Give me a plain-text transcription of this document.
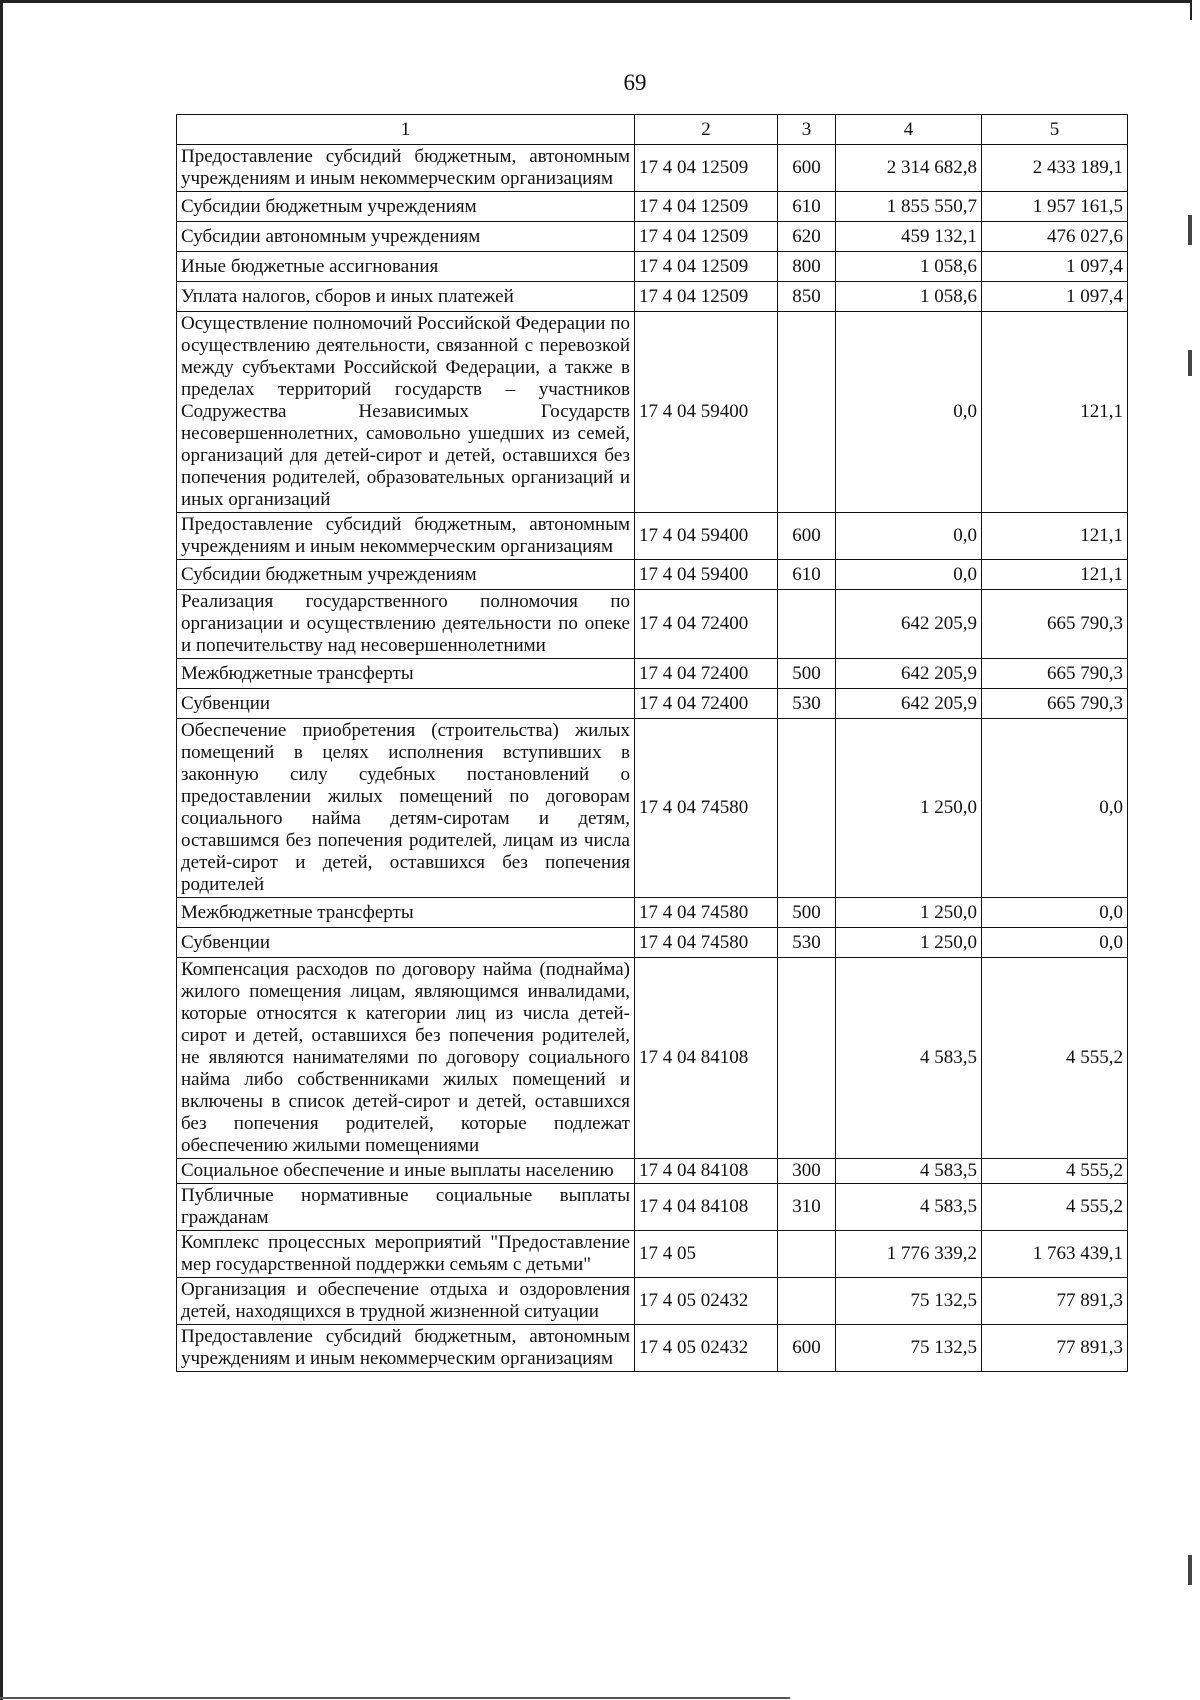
69
1	2	3	4	5
Предоставление субсидий бюджетным, автономным учреждениям и иным некоммерческим организациям	17 4 04 12509	600	2 314 682,8	2 433 189,1
Субсидии бюджетным учреждениям	17 4 04 12509	610	1 855 550,7	1 957 161,5
Субсидии автономным учреждениям	17 4 04 12509	620	459 132,1	476 027,6
Иные бюджетные ассигнования	17 4 04 12509	800	1 058,6	1 097,4
Уплата налогов, сборов и иных платежей	17 4 04 12509	850	1 058,6	1 097,4
Осуществление полномочий Российской Федерации по осуществлению деятельности, связанной с перевозкой между субъектами Российской Федерации, а также в пределах территорий государств – участников Содружества Независимых Государств несовершеннолетних, самовольно ушедших из семей, организаций для детей-сирот и детей, оставшихся без попечения родителей, образовательных организаций и иных организаций	17 4 04 59400		0,0	121,1
Предоставление субсидий бюджетным, автономным учреждениям и иным некоммерческим организациям	17 4 04 59400	600	0,0	121,1
Субсидии бюджетным учреждениям	17 4 04 59400	610	0,0	121,1
Реализация государственного полномочия по организации и осуществлению деятельности по опеке и попечительству над несовершеннолетними	17 4 04 72400		642 205,9	665 790,3
Межбюджетные трансферты	17 4 04 72400	500	642 205,9	665 790,3
Субвенции	17 4 04 72400	530	642 205,9	665 790,3
Обеспечение приобретения (строительства) жилых помещений в целях исполнения вступивших в законную силу судебных постановлений о предоставлении жилых помещений по договорам социального найма детям-сиротам и детям, оставшимся без попечения родителей, лицам из числа детей-сирот и детей, оставшихся без попечения родителей	17 4 04 74580		1 250,0	0,0
Межбюджетные трансферты	17 4 04 74580	500	1 250,0	0,0
Субвенции	17 4 04 74580	530	1 250,0	0,0
Компенсация расходов по договору найма (поднайма) жилого помещения лицам, являющимся инвалидами, которые относятся к категории лиц из числа детей-сирот и детей, оставшихся без попечения родителей, не являются нанимателями по договору социального найма либо собственниками жилых помещений и включены в список детей-сирот и детей, оставшихся без попечения родителей, которые подлежат обеспечению жилыми помещениями	17 4 04 84108		4 583,5	4 555,2
Социальное обеспечение и иные выплаты населению	17 4 04 84108	300	4 583,5	4 555,2
Публичные нормативные социальные выплаты гражданам	17 4 04 84108	310	4 583,5	4 555,2
Комплекс процессных мероприятий "Предоставление мер государственной поддержки семьям с детьми"	17 4 05		1 776 339,2	1 763 439,1
Организация и обеспечение отдыха и оздоровления детей, находящихся в трудной жизненной ситуации	17 4 05 02432		75 132,5	77 891,3
Предоставление субсидий бюджетным, автономным учреждениям и иным некоммерческим организациям	17 4 05 02432	600	75 132,5	77 891,3
